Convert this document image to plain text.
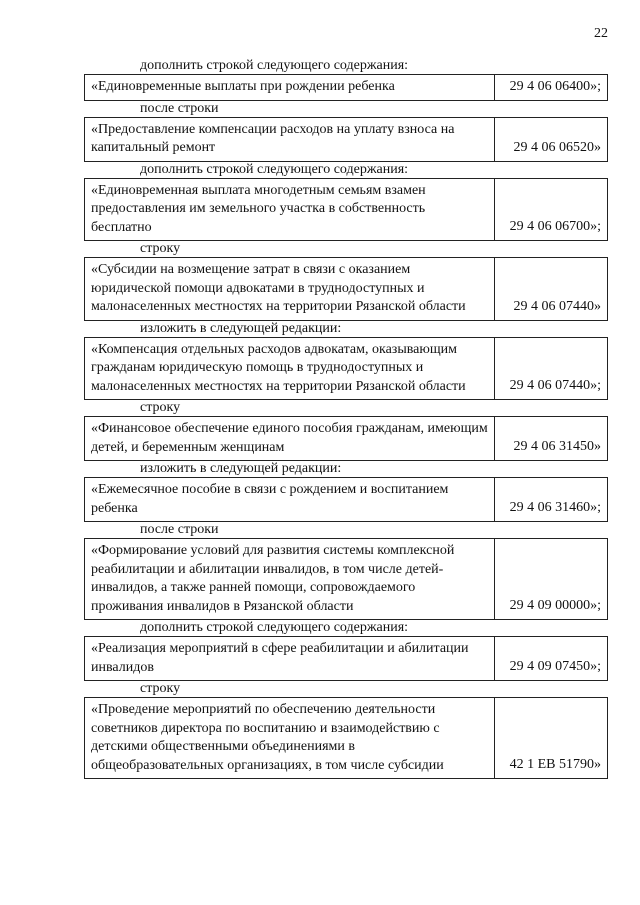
22
дополнить строкой следующего содержания:
«Единовременные выплаты при рождении ребенка	29 4 06 06400»;
после строки
«Предоставление компенсации расходов на уплату взноса на капитальный ремонт	29 4 06 06520»
дополнить строкой следующего содержания:
«Единовременная выплата многодетным семьям взамен предоставления им земельного участка в собственность бесплатно	29 4 06 06700»;
строку
«Субсидии на возмещение затрат в связи с оказанием юридической помощи адвокатами в труднодоступных и малонаселенных местностях на территории Рязанской области	29 4 06 07440»
изложить в следующей редакции:
«Компенсация отдельных расходов адвокатам, оказывающим гражданам юридическую помощь в труднодоступных и малонаселенных местностях на территории Рязанской области	29 4 06 07440»;
строку
«Финансовое обеспечение единого пособия гражданам, имеющим детей, и беременным женщинам	29 4 06 31450»
изложить в следующей редакции:
«Ежемесячное пособие в связи с рождением и воспитанием ребенка	29 4 06 31460»;
после строки
«Формирование условий для развития системы комплексной реабилитации и абилитации инвалидов, в том числе детей-инвалидов, а также ранней помощи, сопровождаемого проживания инвалидов в Рязанской области	29 4 09 00000»;
дополнить строкой следующего содержания:
«Реализация мероприятий в сфере реабилитации и абилитации инвалидов	29 4 09 07450»;
строку
«Проведение мероприятий по обеспечению деятельности советников директора по воспитанию и взаимодействию с детскими общественными объединениями в общеобразовательных организациях, в том числе субсидии	42 1 ЕВ 51790»
